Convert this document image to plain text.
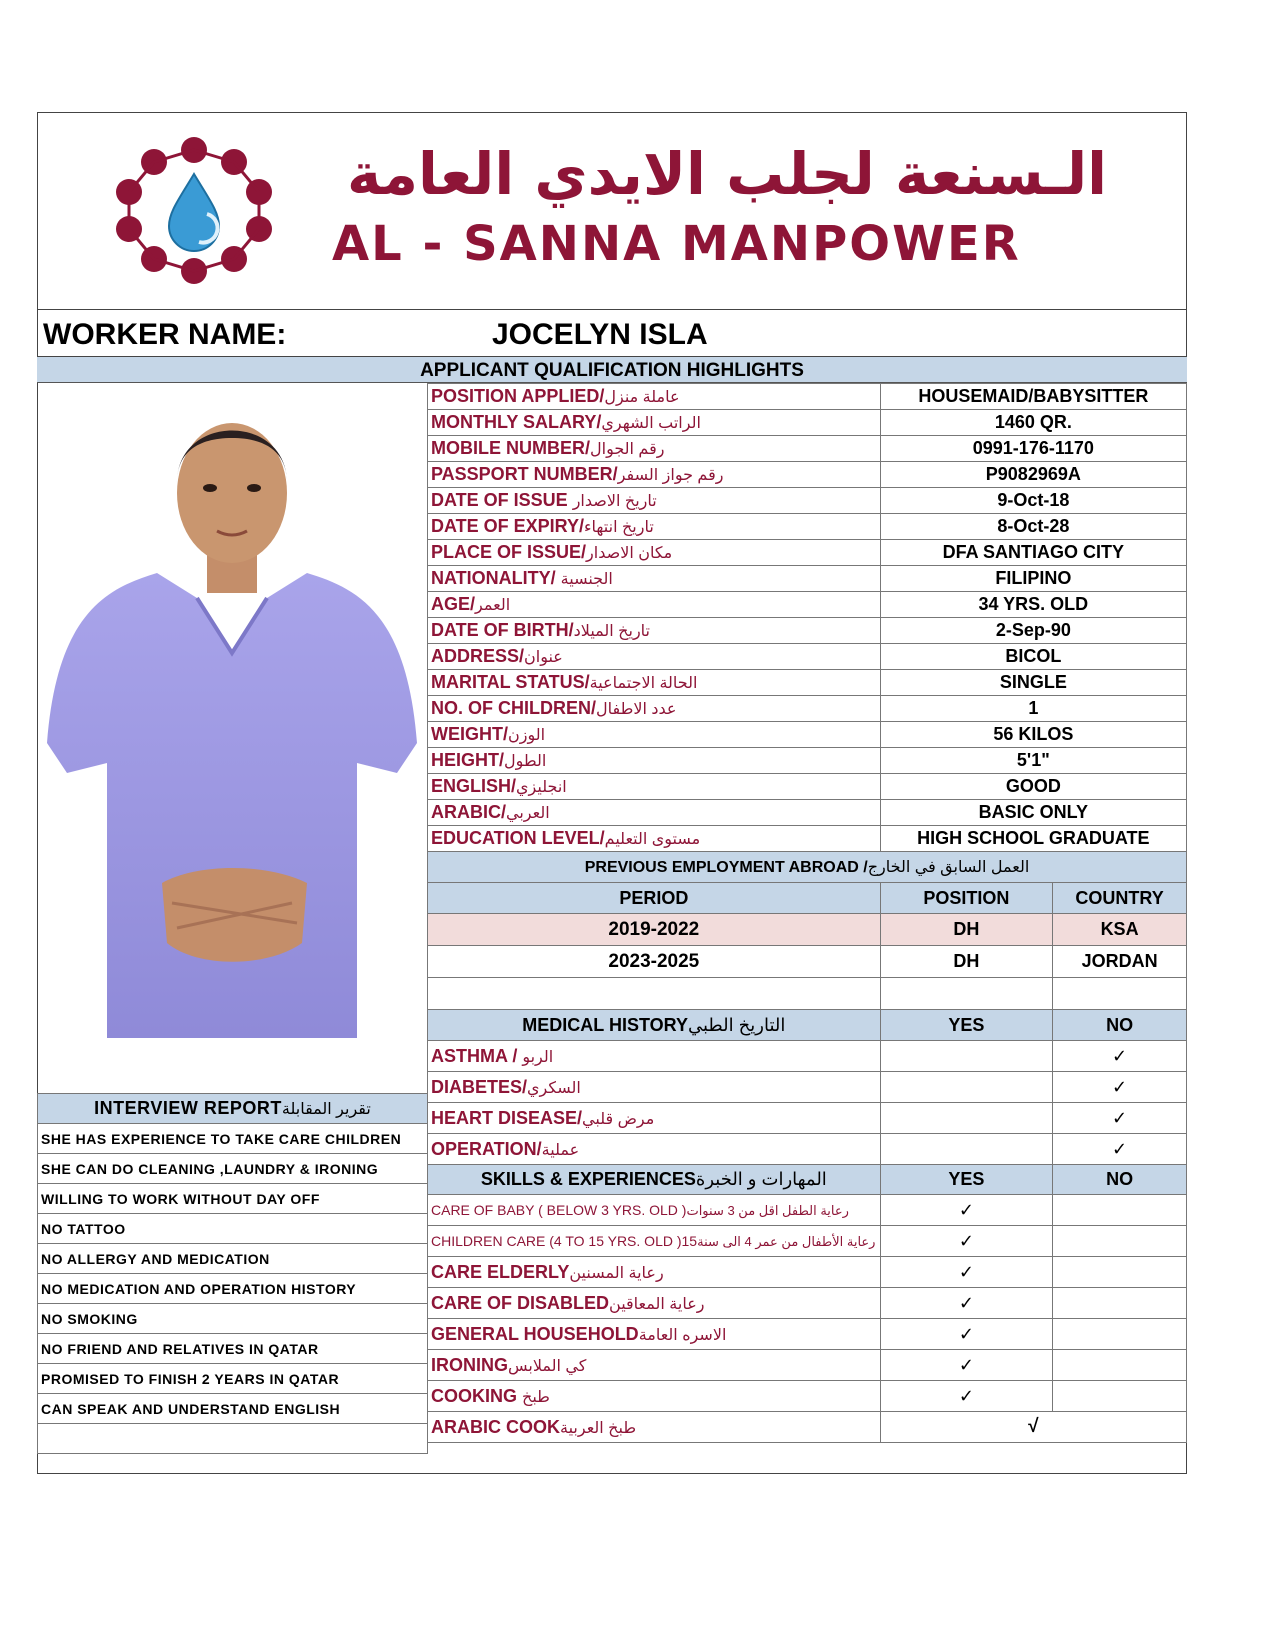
الـسنعة لجلب الايدي العامة
AL - SANNA MANPOWER
WORKER NAME:	JOCELYN ISLA
APPLICANT QUALIFICATION HIGHLIGHTS
POSITION APPLIED/عاملة منزل	HOUSEMAID/BABYSITTER	
MONTHLY SALARY/الراتب الشهري	1460 QR.	
MOBILE NUMBER/رقم الجوال	0991-176-1170	
PASSPORT NUMBER/رقم جواز السفر	P9082969A	
DATE OF ISSUE تاريخ الاصدار	9-Oct-18	
DATE OF EXPIRY/تاريخ انتهاء	8-Oct-28	
PLACE OF ISSUE/مكان الاصدار	DFA SANTIAGO CITY	
NATIONALITY/ الجنسية	FILIPINO	
AGE/العمر	34 YRS. OLD	
DATE OF BIRTH/تاريخ الميلاد	2-Sep-90	
ADDRESS/عنوان	BICOL	
MARITAL STATUS/الحالة الاجتماعية	SINGLE	
NO. OF CHILDREN/عدد الاطفال	1	
WEIGHT/الوزن	56 KILOS	
HEIGHT/الطول	5'1"	
ENGLISH/انجليزي	GOOD	
ARABIC/العربي	BASIC ONLY	
EDUCATION LEVEL/مستوى التعليم	HIGH SCHOOL GRADUATE	
PREVIOUS EMPLOYMENT ABROAD /العمل السابق في الخارج		
PERIOD	POSITION	COUNTRY
2019-2022	DH	KSA
2023-2025	DH	JORDAN

MEDICAL HISTORYالتاريخ الطبي	YES	NO
ASTHMA / الربو		✓
DIABETES/السكري		✓
HEART DISEASE/مرض قلبي		✓
OPERATION/عملية		✓
SKILLS & EXPERIENCESالمهارات و الخبرة	YES	NO
CARE OF BABY ( BELOW 3 YRS. OLD )رعاية الطفل اقل من 3 سنوات	✓	
CHILDREN CARE (4 TO 15 YRS. OLD )15رعاية الأطفال من عمر 4 الى سنة	✓	
CARE ELDERLYرعاية المسنين	✓	
CARE OF DISABLEDرعاية المعاقين	✓	
GENERAL HOUSEHOLDالاسره العامة	✓	
IRONINGكي الملابس	✓	
COOKING طبخ	✓	
ARABIC COOKطبخ العربية	√	
INTERVIEW REPORTتقرير المقابلة
SHE HAS EXPERIENCE TO TAKE CARE CHILDREN
SHE CAN DO CLEANING ,LAUNDRY & IRONING
WILLING TO WORK WITHOUT DAY OFF
NO TATTOO
NO ALLERGY AND MEDICATION
NO MEDICATION AND OPERATION HISTORY
NO SMOKING
NO FRIEND AND RELATIVES IN QATAR
PROMISED TO FINISH 2 YEARS IN QATAR
CAN SPEAK AND UNDERSTAND ENGLISH
